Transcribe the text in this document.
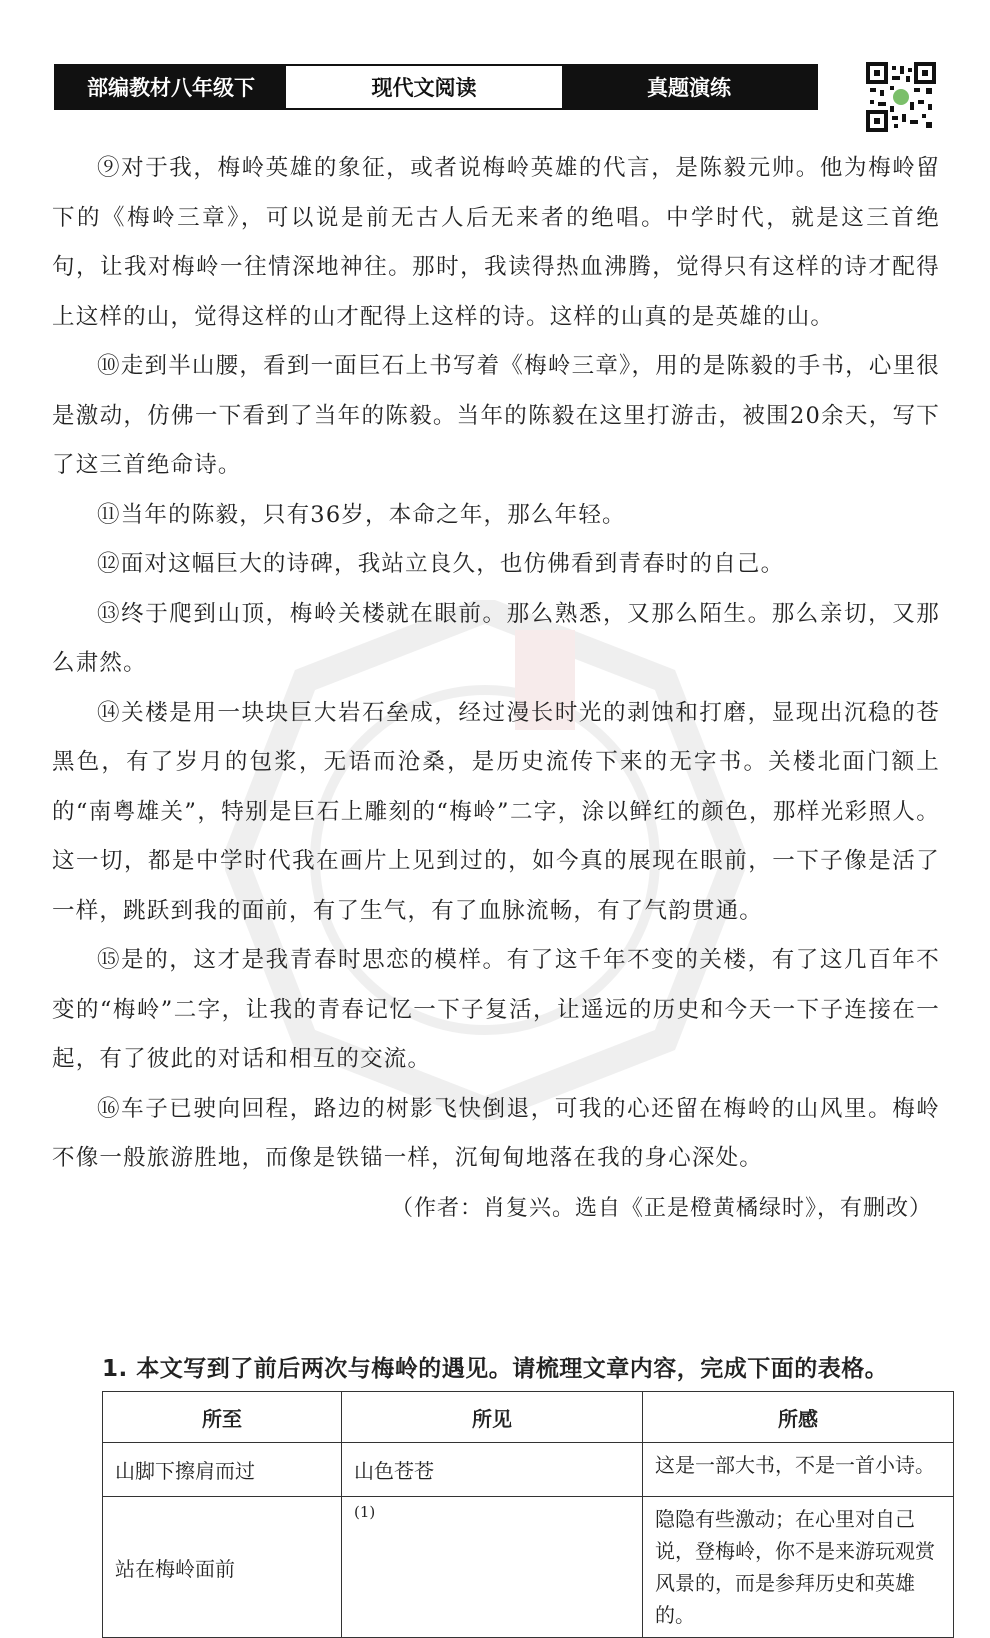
部编教材八年级下	现代文阅读	真题演练

⑨对于我，梅岭英雄的象征，或者说梅岭英雄的代言，是陈毅元帅。他为梅岭留下的《梅岭三章》，可以说是前无古人后无来者的绝唱。中学时代，就是这三首绝句，让我对梅岭一往情深地神往。那时，我读得热血沸腾，觉得只有这样的诗才配得上这样的山，觉得这样的山才配得上这样的诗。这样的山真的是英雄的山。

⑩走到半山腰，看到一面巨石上书写着《梅岭三章》，用的是陈毅的手书，心里很是激动，仿佛一下看到了当年的陈毅。当年的陈毅在这里打游击，被围20余天，写下了这三首绝命诗。

⑪当年的陈毅，只有36岁，本命之年，那么年轻。

⑫面对这幅巨大的诗碑，我站立良久，也仿佛看到青春时的自己。

⑬终于爬到山顶，梅岭关楼就在眼前。那么熟悉，又那么陌生。那么亲切，又那么肃然。

⑭关楼是用一块块巨大岩石垒成，经过漫长时光的剥蚀和打磨，显现出沉稳的苍黑色，有了岁月的包浆，无语而沧桑，是历史流传下来的无字书。关楼北面门额上的“南粤雄关”，特别是巨石上雕刻的“梅岭”二字，涂以鲜红的颜色，那样光彩照人。这一切，都是中学时代我在画片上见到过的，如今真的展现在眼前，一下子像是活了一样，跳跃到我的面前，有了生气，有了血脉流畅，有了气韵贯通。

⑮是的，这才是我青春时思恋的模样。有了这千年不变的关楼，有了这几百年不变的“梅岭”二字，让我的青春记忆一下子复活，让遥远的历史和今天一下子连接在一起，有了彼此的对话和相互的交流。

⑯车子已驶向回程，路边的树影飞快倒退，可我的心还留在梅岭的山风里。梅岭不像一般旅游胜地，而像是铁锚一样，沉甸甸地落在我的身心深处。

（作者：肖复兴。选自《正是橙黄橘绿时》，有删改）

1. 本文写到了前后两次与梅岭的遇见。请梳理文章内容，完成下面的表格。
所至	所见	所感
山脚下擦肩而过	山色苍苍	这是一部大书，不是一首小诗。
站在梅岭面前	(1)	隐隐有些激动；在心里对自己说，登梅岭，你不是来游玩观赏风景的，而是参拜历史和英雄的。
